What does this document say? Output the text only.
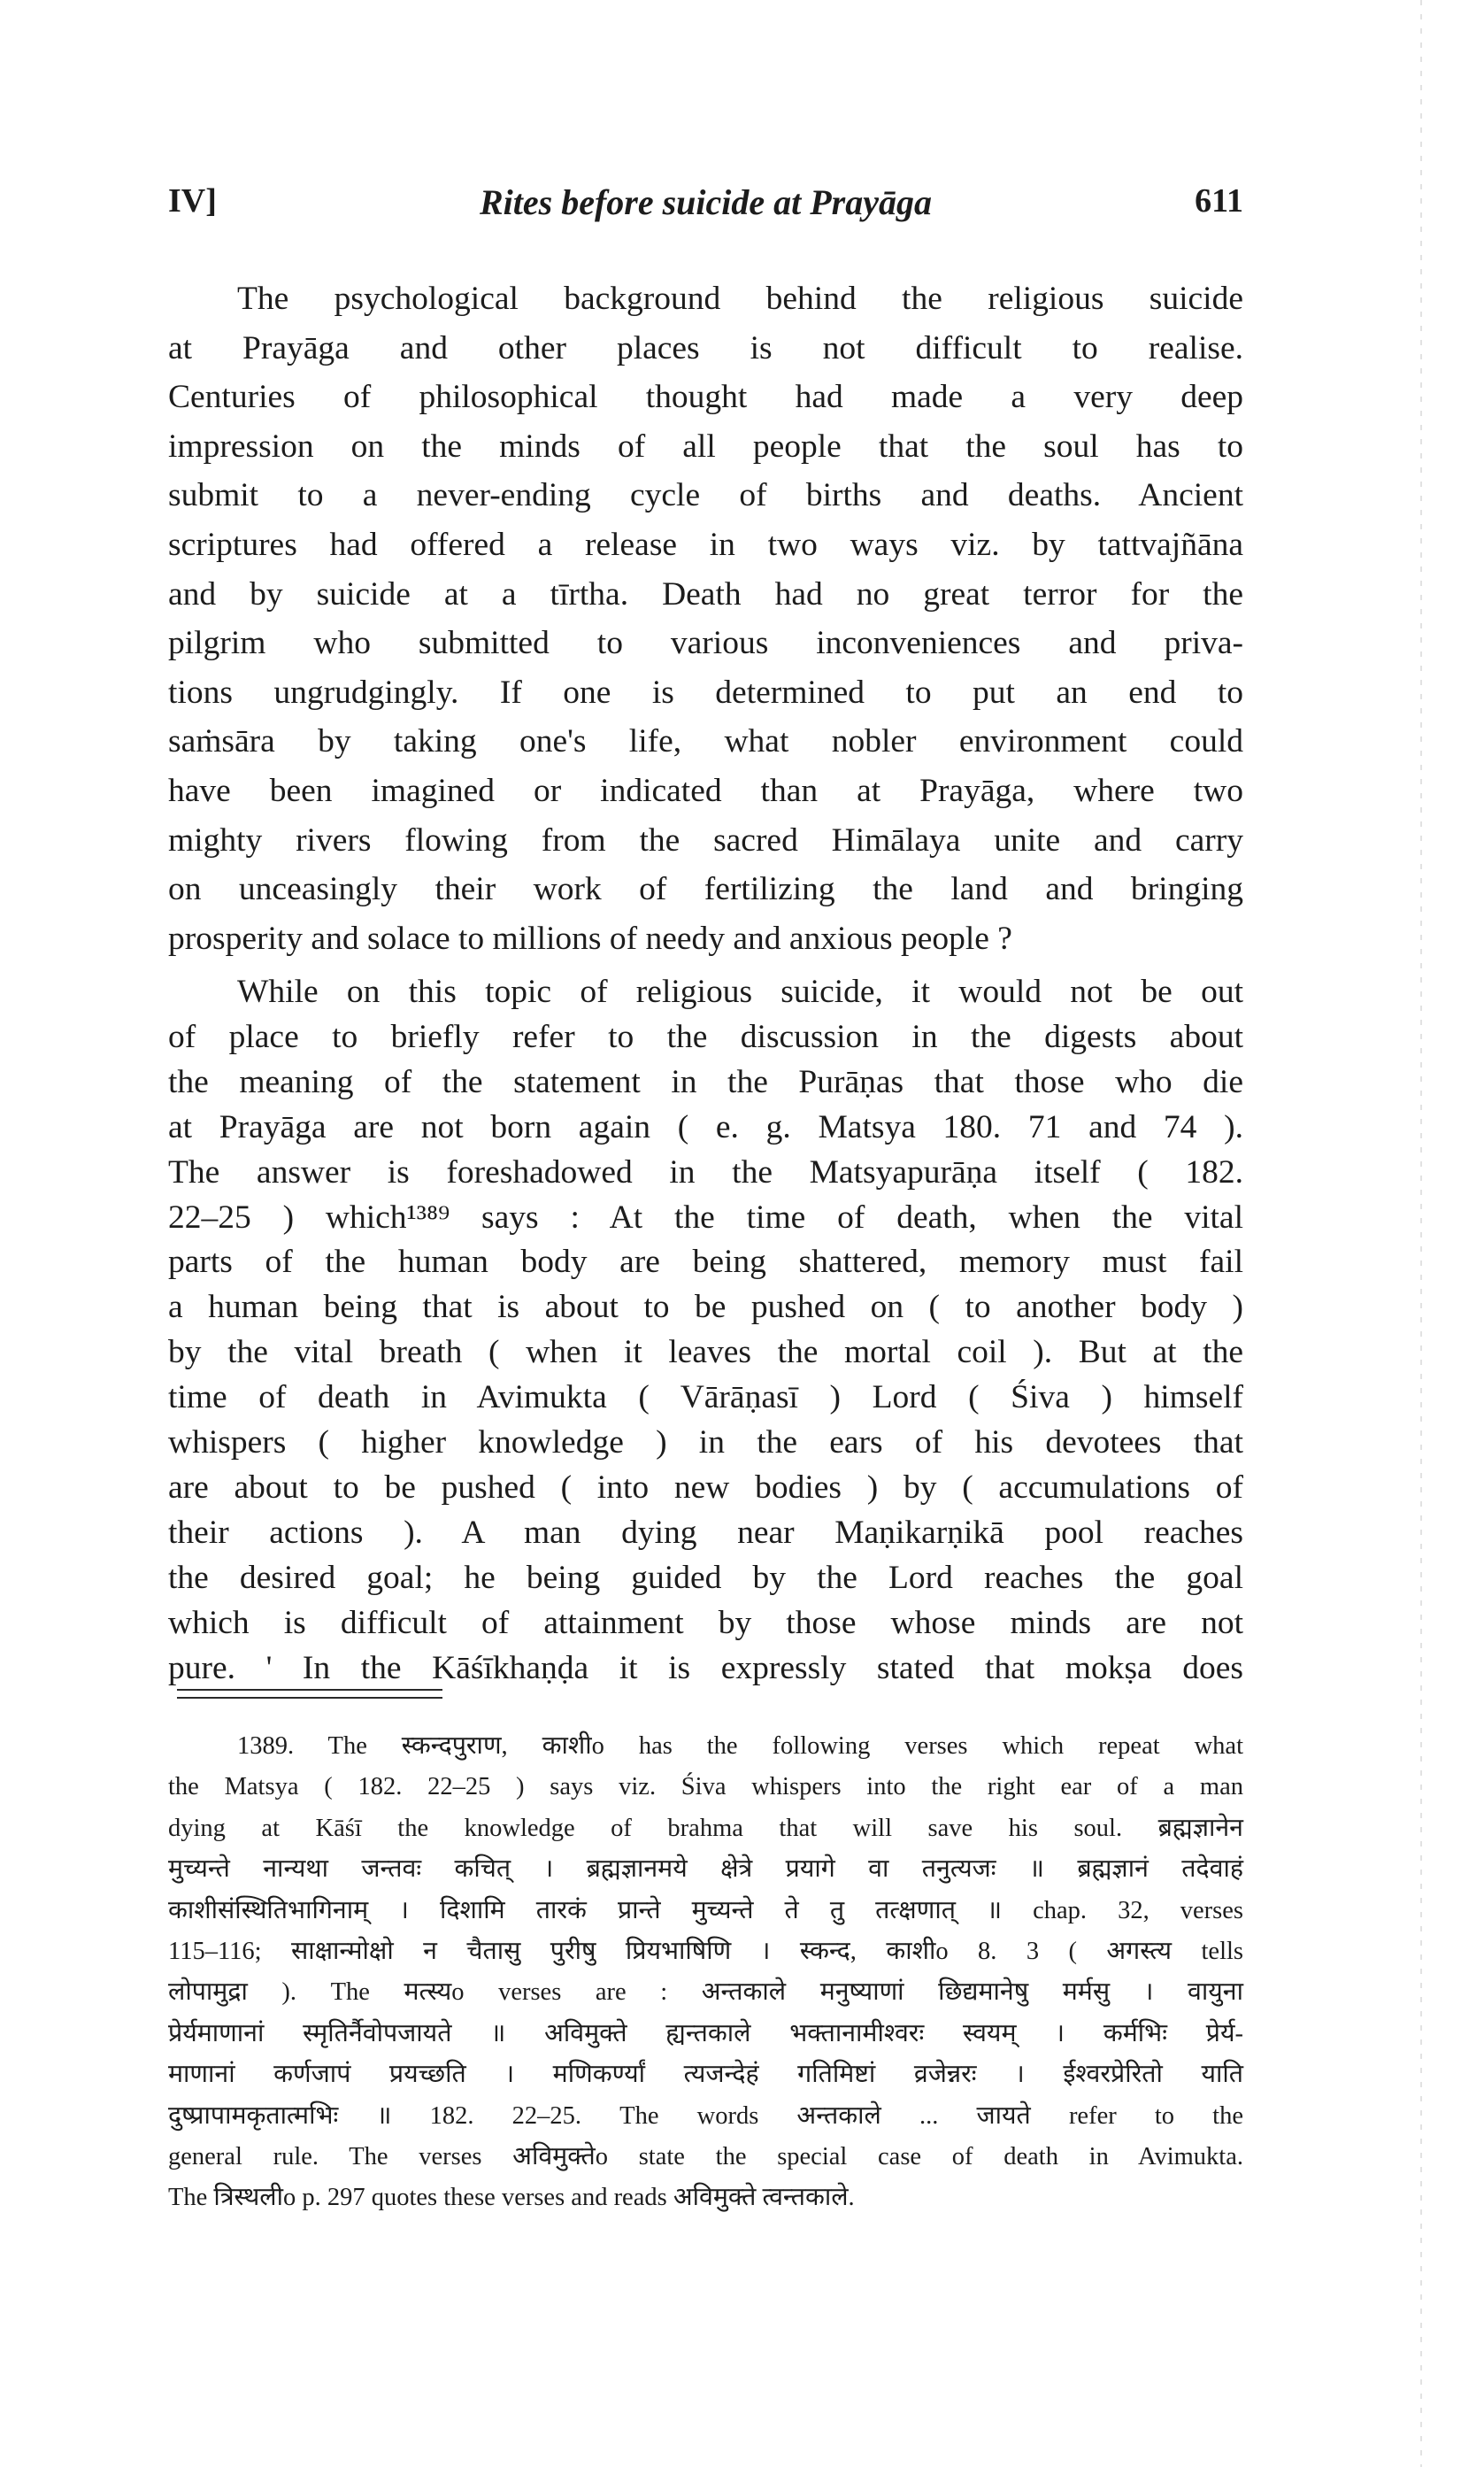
IV]	Rites before suicide at Prayāga	611
The psychological background behind the religious suicide
at Prayāga and other places is not difficult to realise.
Centuries of philosophical thought had made a very deep
impression on the minds of all people that the soul has to
submit to a never-ending cycle of births and deaths. Ancient
scriptures had offered a release in two ways viz. by tattvajñāna
and by suicide at a tīrtha. Death had no great terror for the
pilgrim who submitted to various inconveniences and priva-
tions ungrudgingly. If one is determined to put an end to
saṁsāra by taking one's life, what nobler environment could
have been imagined or indicated than at Prayāga, where two
mighty rivers flowing from the sacred Himālaya unite and carry
on unceasingly their work of fertilizing the land and bringing
prosperity and solace to millions of needy and anxious people ?
While on this topic of religious suicide, it would not be out
of place to briefly refer to the discussion in the digests about
the meaning of the statement in the Purāṇas that those who die
at Prayāga are not born again ( e. g. Matsya 180. 71 and 74 ).
The answer is foreshadowed in the Matsyapurāṇa itself ( 182.
22–25 ) which¹³⁸⁹ says : At the time of death, when the vital
parts of the human body are being shattered, memory must fail
a human being that is about to be pushed on ( to another body )
by the vital breath ( when it leaves the mortal coil ). But at the
time of death in Avimukta ( Vārāṇasī ) Lord ( Śiva ) himself
whispers ( higher knowledge ) in the ears of his devotees that
are about to be pushed ( into new bodies ) by ( accumulations of
their actions ). A man dying near Maṇikarṇikā pool reaches
the desired goal; he being guided by the Lord reaches the goal
which is difficult of attainment by those whose minds are not
pure. ' In the Kāśīkhaṇḍa it is expressly stated that mokṣa does
1389. The स्कन्दपुराण, काशीo has the following verses which repeat what
the Matsya ( 182. 22–25 ) says viz. Śiva whispers into the right ear of a man
dying at Kāśī the knowledge of brahma that will save his soul. ब्रह्मज्ञानेन
मुच्यन्ते नान्यथा जन्तवः कचित् । ब्रह्मज्ञानमये क्षेत्रे प्रयागे वा तनुत्यजः ॥ ब्रह्मज्ञानं तदेवाहं
काशीसंस्थितिभागिनाम् । दिशामि तारकं प्रान्ते मुच्यन्ते ते तु तत्क्षणात् ॥ chap. 32, verses
115–116; साक्षान्मोक्षो न चैतासु पुरीषु प्रियभाषिणि । स्कन्द, काशीo 8. 3 ( अगस्त्य tells
लोपामुद्रा ). The मत्स्यo verses are : अन्तकाले मनुष्याणां छिद्यमानेषु मर्मसु । वायुना
प्रेर्यमाणानां स्मृतिर्नैवोपजायते ॥ अविमुक्ते ह्यन्तकाले भक्तानामीश्वरः स्वयम् । कर्मभिः प्रेर्य-
माणानां कर्णजापं प्रयच्छति । मणिकर्ण्यां त्यजन्देहं गतिमिष्टां व्रजेन्नरः । ईश्वरप्रेरितो याति
दुष्प्रापामकृतात्मभिः ॥ 182. 22–25. The words अन्तकाले ... जायते refer to the
general rule. The verses अविमुक्तेo state the special case of death in Avimukta.
The त्रिस्थलीo p. 297 quotes these verses and reads अविमुक्ते त्वन्तकाले.
